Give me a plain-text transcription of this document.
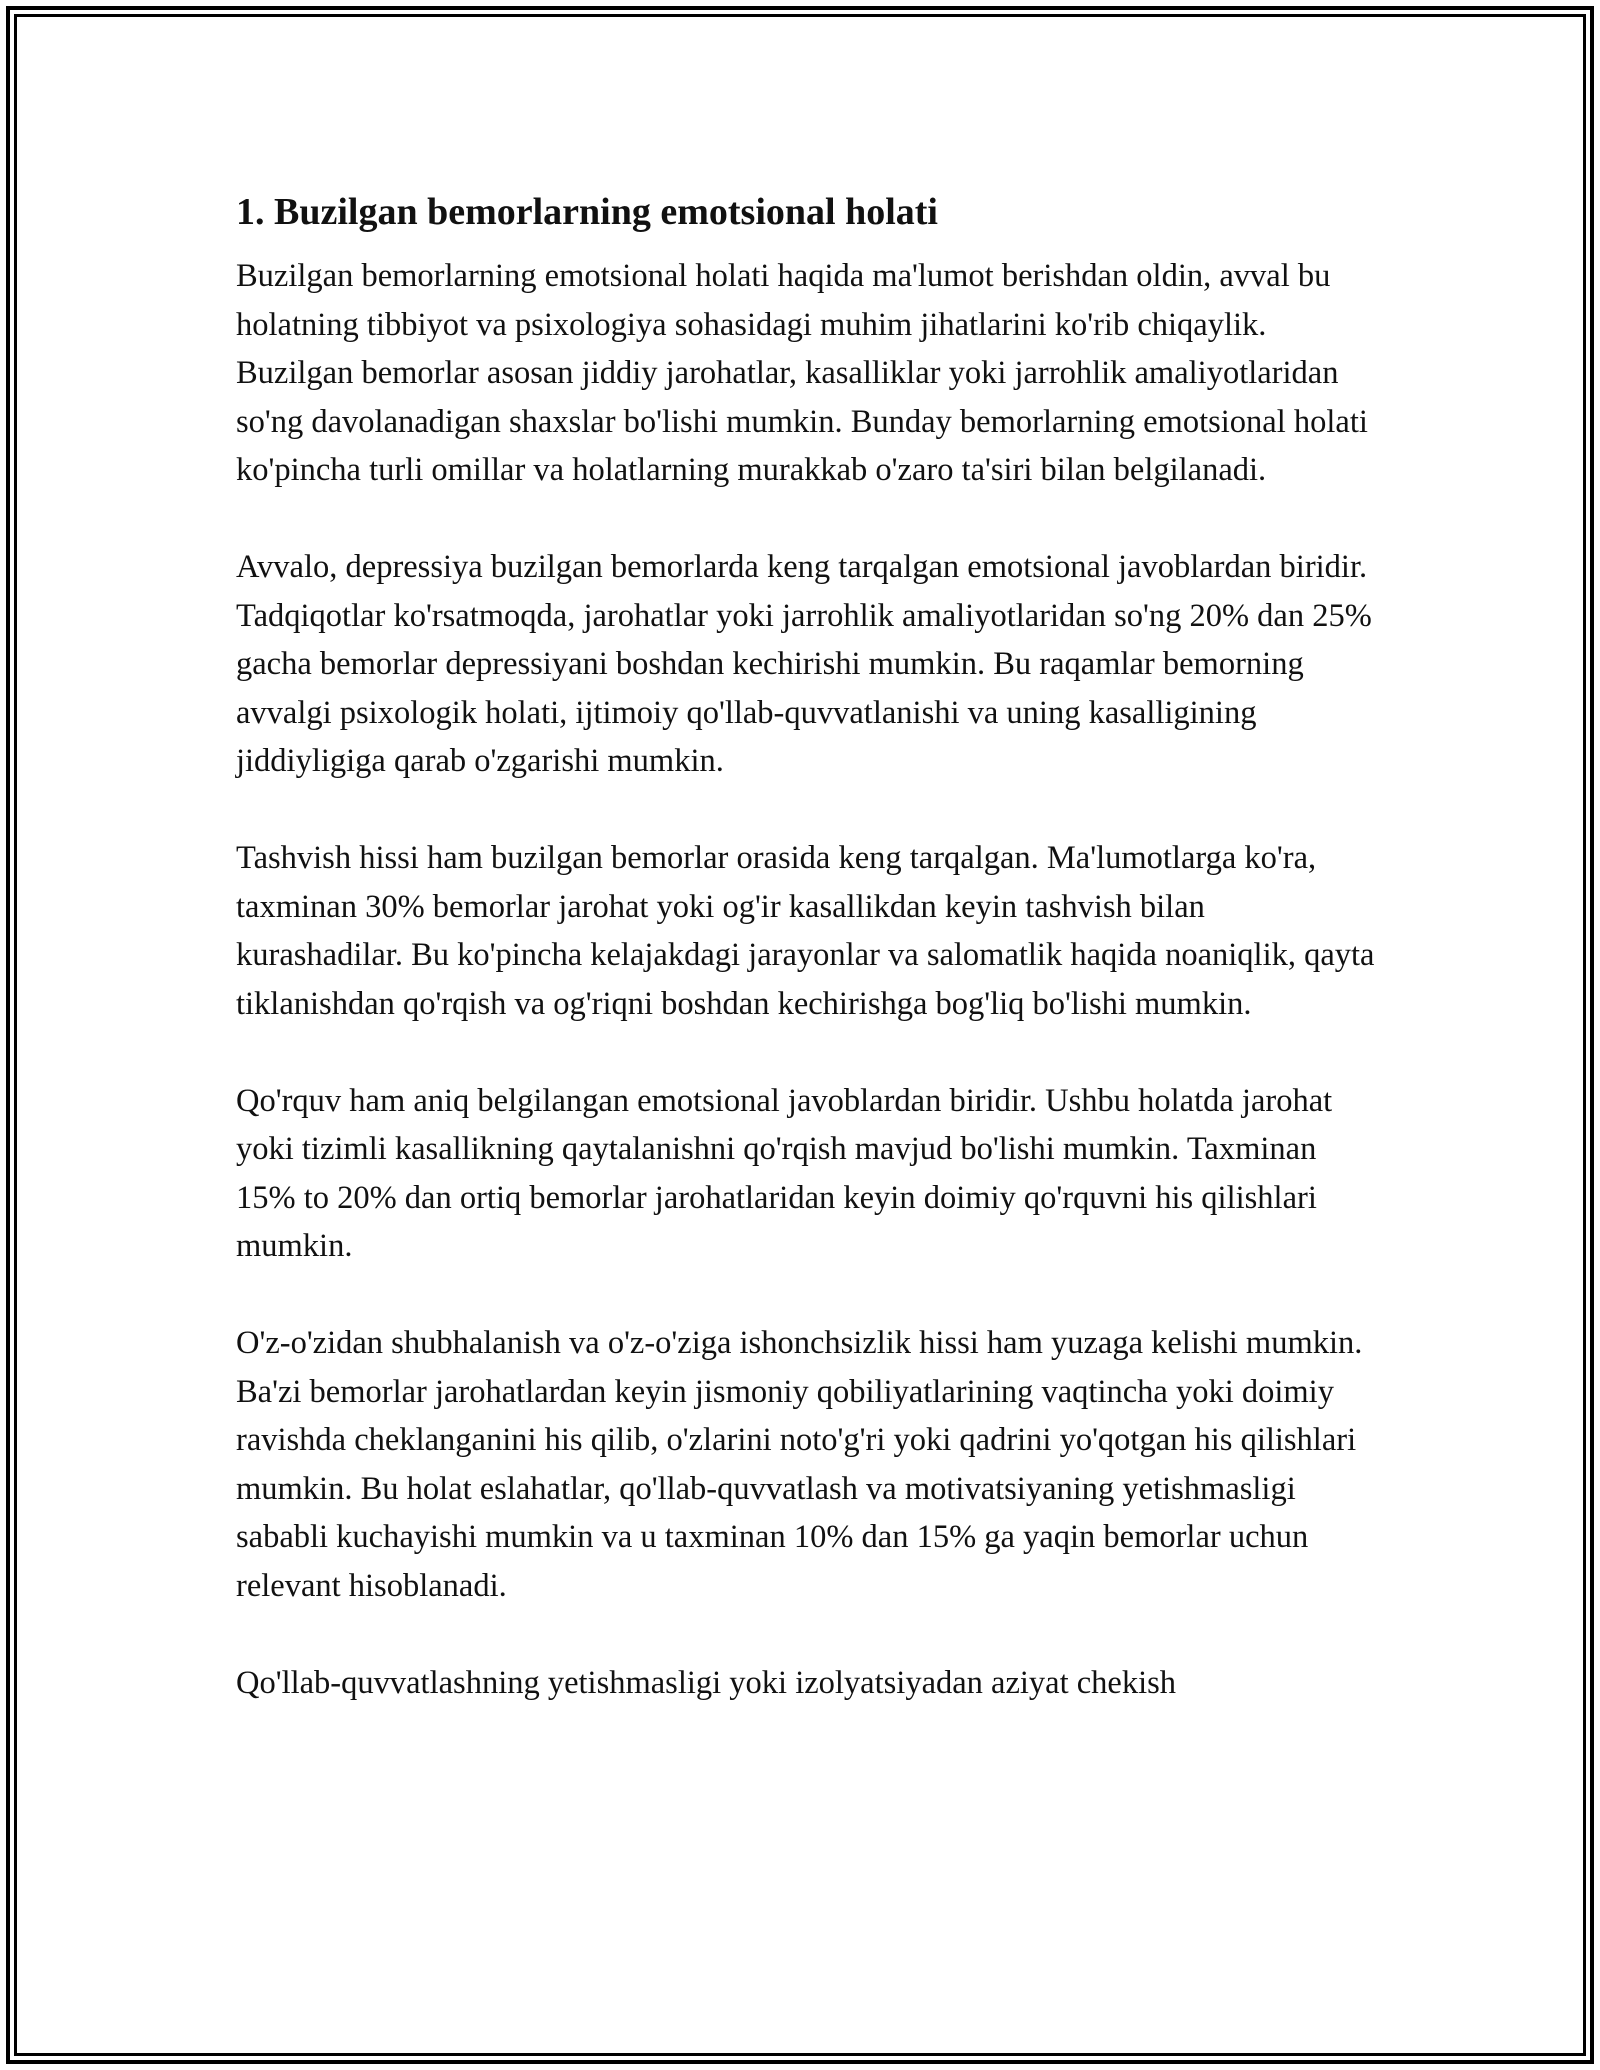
1. Buzilgan bemorlarning emotsional holati

Buzilgan bemorlarning emotsional holati haqida ma'lumot berishdan oldin, avval bu holatning tibbiyot va psixologiya sohasidagi muhim jihatlarini ko'rib chiqaylik. Buzilgan bemorlar asosan jiddiy jarohatlar, kasalliklar yoki jarrohlik amaliyotlaridan so'ng davolanadigan shaxslar bo'lishi mumkin. Bunday bemorlarning emotsional holati ko'pincha turli omillar va holatlarning murakkab o'zaro ta'siri bilan belgilanadi.

Avvalo, depressiya buzilgan bemorlarda keng tarqalgan emotsional javoblardan biridir. Tadqiqotlar ko'rsatmoqda, jarohatlar yoki jarrohlik amaliyotlaridan so'ng 20% dan 25% gacha bemorlar depressiyani boshdan kechirishi mumkin. Bu raqamlar bemorning avvalgi psixologik holati, ijtimoiy qo'llab-quvvatlanishi va uning kasalligining jiddiyligiga qarab o'zgarishi mumkin.

Tashvish hissi ham buzilgan bemorlar orasida keng tarqalgan. Ma'lumotlarga ko'ra, taxminan 30% bemorlar jarohat yoki og'ir kasallikdan keyin tashvish bilan kurashadilar. Bu ko'pincha kelajakdagi jarayonlar va salomatlik haqida noaniqlik, qayta tiklanishdan qo'rqish va og'riqni boshdan kechirishga bog'liq bo'lishi mumkin.

Qo'rquv ham aniq belgilangan emotsional javoblardan biridir. Ushbu holatda jarohat yoki tizimli kasallikning qaytalanishni qo'rqish mavjud bo'lishi mumkin. Taxminan 15% to 20% dan ortiq bemorlar jarohatlaridan keyin doimiy qo'rquvni his qilishlari mumkin.

O'z-o'zidan shubhalanish va o'z-o'ziga ishonchsizlik hissi ham yuzaga kelishi mumkin. Ba'zi bemorlar jarohatlardan keyin jismoniy qobiliyatlarining vaqtincha yoki doimiy ravishda cheklanganini his qilib, o'zlarini noto'g'ri yoki qadrini yo'qotgan his qilishlari mumkin. Bu holat eslahatlar, qo'llab-quvvatlash va motivatsiyaning yetishmasligi sababli kuchayishi mumkin va u taxminan 10% dan 15% ga yaqin bemorlar uchun relevant hisoblanadi.

Qo'llab-quvvatlashning yetishmasligi yoki izolyatsiyadan aziyat chekish
